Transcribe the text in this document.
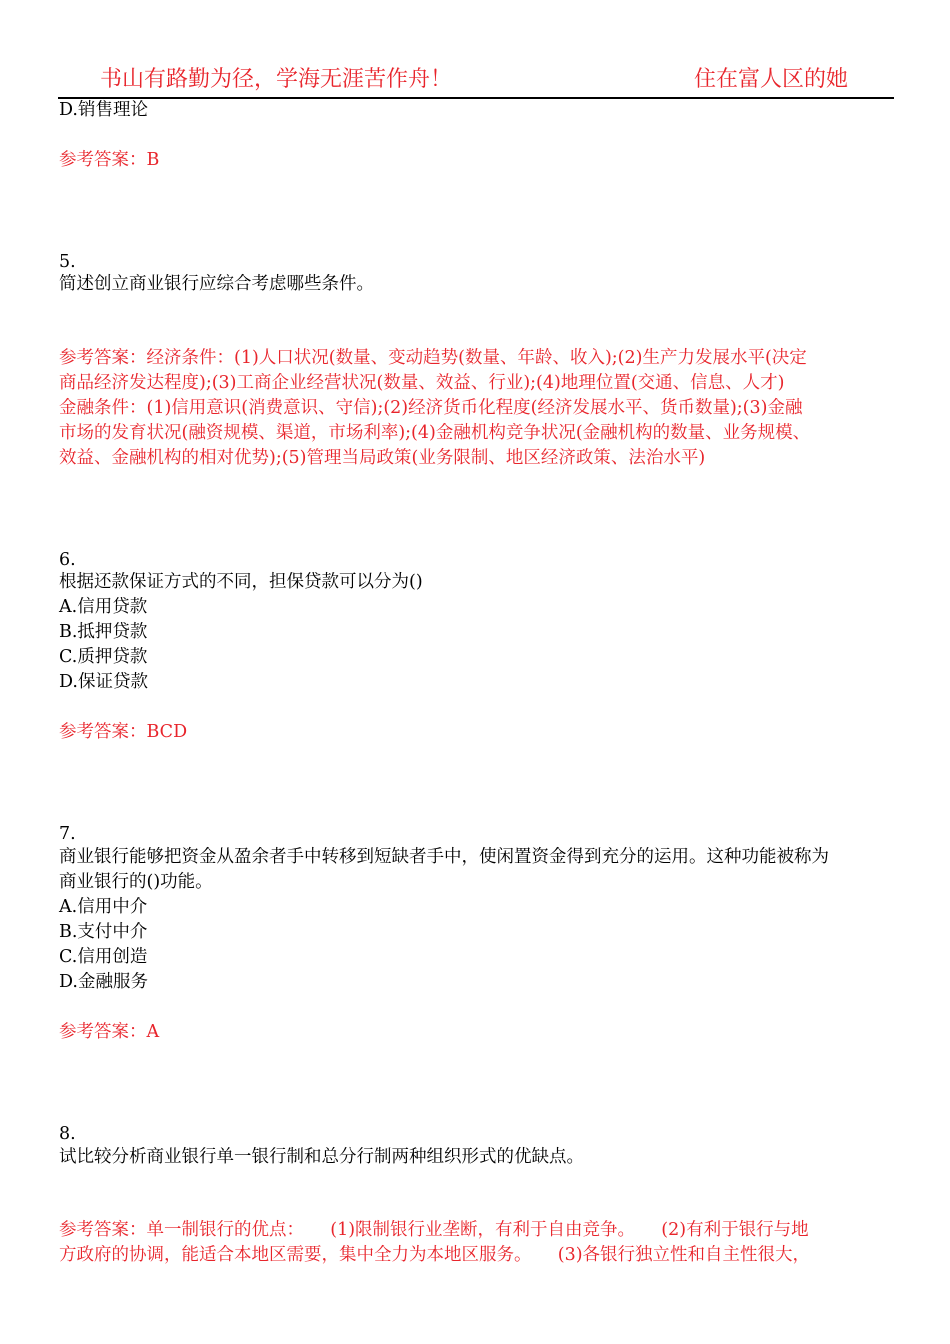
书山有路勤为径，学海无涯苦作舟！	住在富人区的她
D.销售理论
参考答案：B
5.
简述创立商业银行应综合考虑哪些条件。
参考答案：经济条件：(1)人口状况(数量、变动趋势(数量、年龄、收入);(2)生产力发展水平(决定
商品经济发达程度);(3)工商企业经营状况(数量、效益、行业);(4)地理位置(交通、信息、人才)
金融条件：(1)信用意识(消费意识、守信);(2)经济货币化程度(经济发展水平、货币数量);(3)金融
市场的发育状况(融资规模、渠道，市场利率);(4)金融机构竞争状况(金融机构的数量、业务规模、
效益、金融机构的相对优势);(5)管理当局政策(业务限制、地区经济政策、法治水平)
6.
根据还款保证方式的不同，担保贷款可以分为()
A.信用贷款
B.抵押贷款
C.质押贷款
D.保证贷款
参考答案：BCD
7.
商业银行能够把资金从盈余者手中转移到短缺者手中，使闲置资金得到充分的运用。这种功能被称为
商业银行的()功能。
A.信用中介
B.支付中介
C.信用创造
D.金融服务
参考答案：A
8.
试比较分析商业银行单一银行制和总分行制两种组织形式的优缺点。
参考答案：单一制银行的优点：　　(1)限制银行业垄断，有利于自由竞争。　　(2)有利于银行与地
方政府的协调，能适合本地区需要，集中全力为本地区服务。　　(3)各银行独立性和自主性很大，
